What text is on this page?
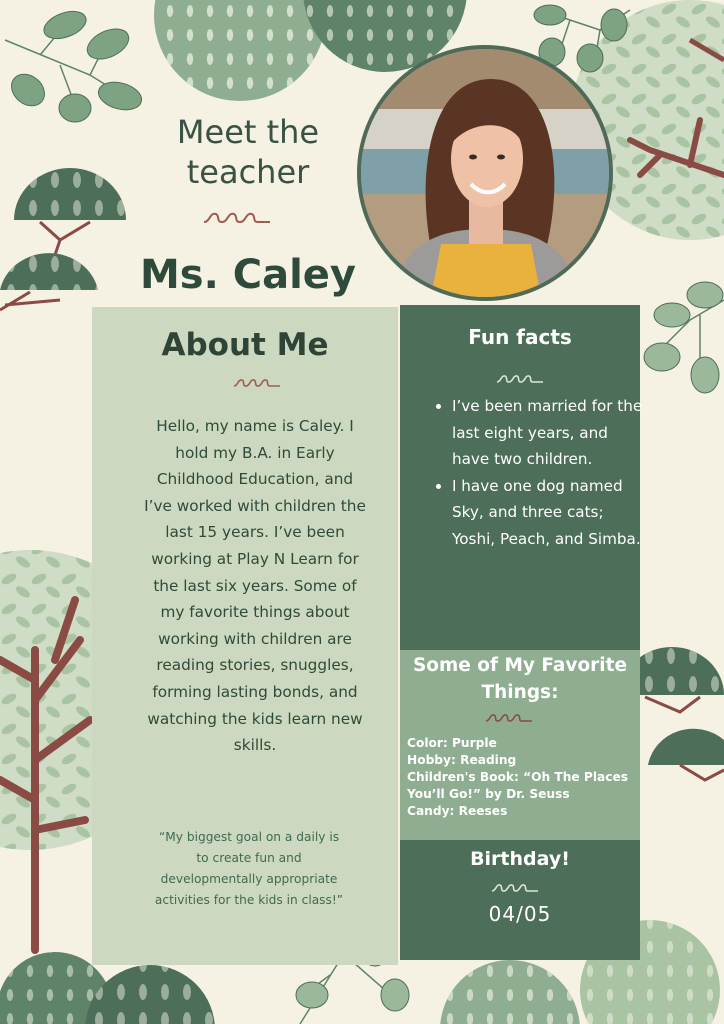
Meet the teacher
Ms. Caley
About Me
Hello, my name is Caley. I hold my B.A. in Early Childhood Education, and I’ve worked with children the last 15 years. I’ve been working at Play N Learn for the last six years. Some of my favorite things about working with children are reading stories, snuggles, forming lasting bonds, and watching the kids learn new skills.
“My biggest goal on a daily is to create fun and developmentally appropriate activities for the kids in class!”
Fun facts
• I’ve been married for the last eight years, and have two children.
• I have one dog named Sky, and three cats; Yoshi, Peach, and Simba.
Some of My Favorite Things:
Color: Purple
Hobby: Reading
Children's Book: “Oh The Places You’ll Go!” by Dr. Seuss
Candy: Reeses
Birthday!
04/05
